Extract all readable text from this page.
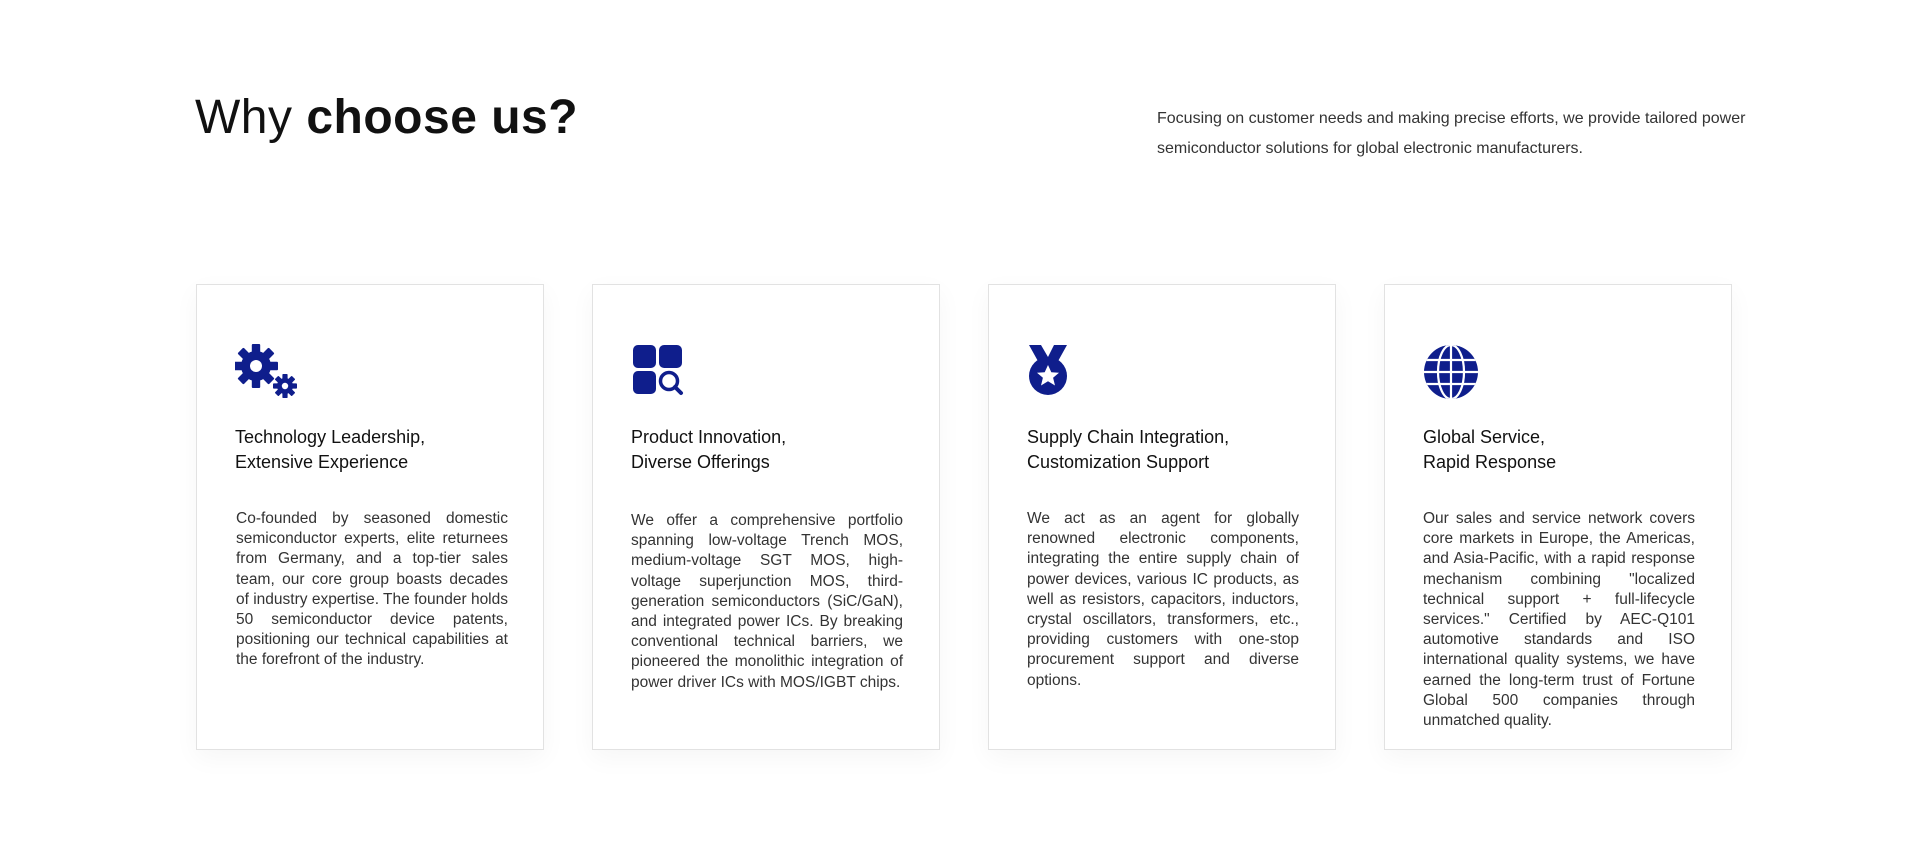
Why choose us?	Focusing on customer needs and making precise efforts, we provide tailored power semiconductor solutions for global electronic manufacturers.

Technology Leadership,
Extensive Experience

Co-founded by seasoned domestic semiconductor experts, elite returnees from Germany, and a top-tier sales team, our core group boasts decades of industry expertise. The founder holds 50 semiconductor device patents, positioning our technical capabilities at the forefront of the industry.

Product Innovation,
Diverse Offerings

We offer a comprehensive portfolio spanning low-voltage Trench MOS, medium-voltage SGT MOS, high-voltage superjunction MOS, third-generation semiconductors (SiC/GaN), and integrated power ICs. By breaking conventional technical barriers, we pioneered the monolithic integration of power driver ICs with MOS/IGBT chips.

Supply Chain Integration,
Customization Support

We act as an agent for globally renowned electronic components, integrating the entire supply chain of power devices, various IC products, as well as resistors, capacitors, inductors, crystal oscillators, transformers, etc., providing customers with one-stop procurement support and diverse options.

Global Service,
Rapid Response

Our sales and service network covers core markets in Europe, the Americas, and Asia-Pacific, with a rapid response mechanism combining "localized technical support + full-lifecycle services." Certified by AEC-Q101 automotive standards and ISO international quality systems, we have earned the long-term trust of Fortune Global 500 companies through unmatched quality.
